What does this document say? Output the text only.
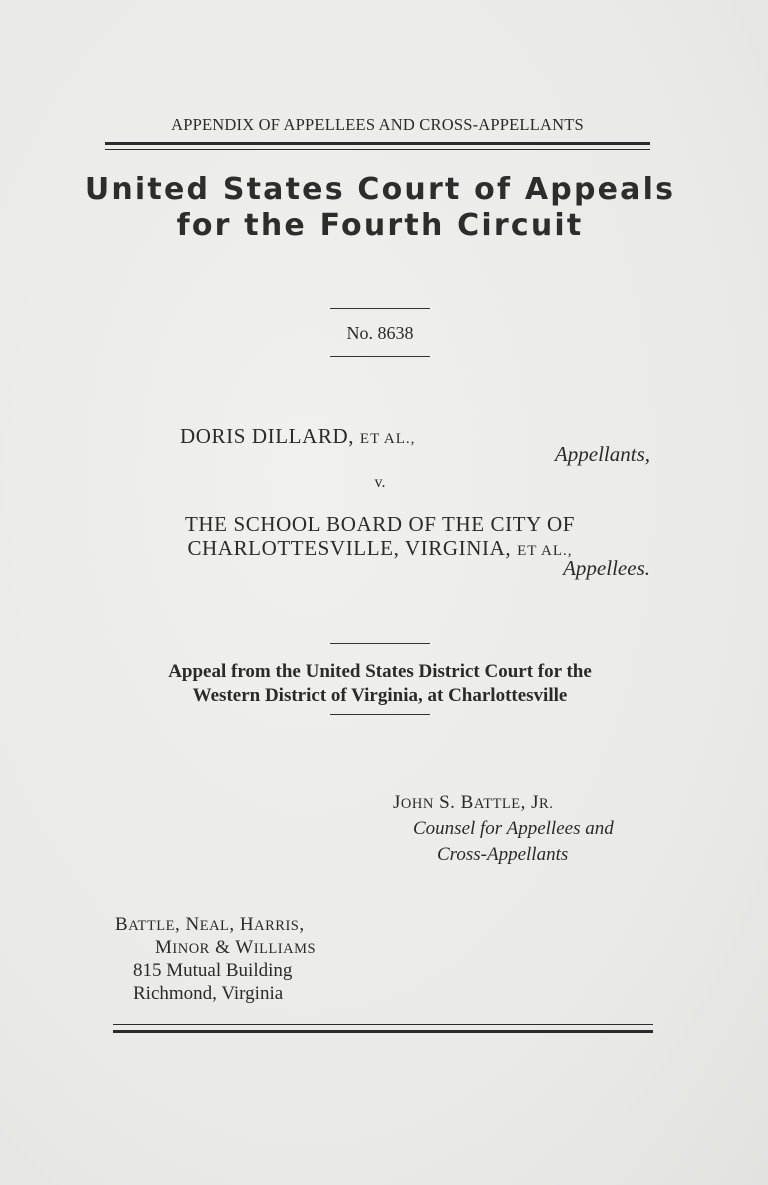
APPENDIX OF APPELLEES AND CROSS-APPELLANTS
United States Court of Appeals
for the Fourth Circuit
No. 8638
DORIS DILLARD, ET AL.,
Appellants,
v.
THE SCHOOL BOARD OF THE CITY OF
CHARLOTTESVILLE, VIRGINIA, ET AL.,
Appellees.
Appeal from the United States District Court for the
Western District of Virginia, at Charlottesville
JOHN S. BATTLE, JR.
Counsel for Appellees and
Cross-Appellants
BATTLE, NEAL, HARRIS,
MINOR & WILLIAMS
815 Mutual Building
Richmond, Virginia
